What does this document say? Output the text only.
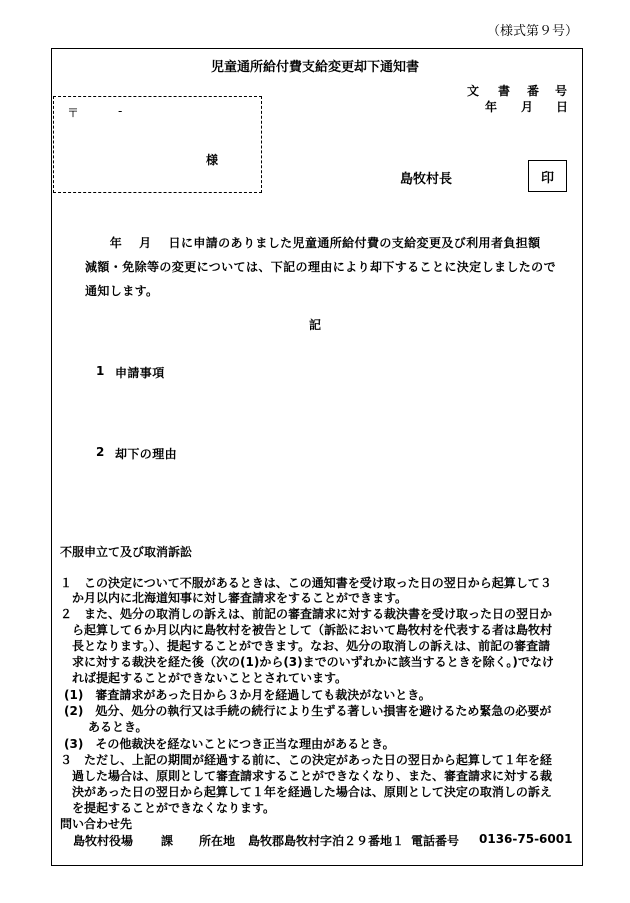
（様式第９号）
児童通所給付費支給変更却下通知書
文 書 番 号
年 月 日
〒	-
様
島牧村長	印
　　年　 月　 日に申請のありました児童通所給付費の支給変更及び利用者負担額
減額・免除等の変更については、下記の理由により却下することに決定しましたので
通知します。
記
1 申請事項
2 却下の理由
不服申立て及び取消訴訟
１　この決定について不服があるときは、この通知書を受け取った日の翌日から起算して３
　か月以内に北海道知事に対し審査請求をすることができます。
２　また、処分の取消しの訴えは、前記の審査請求に対する裁決書を受け取った日の翌日か
　ら起算して６か月以内に島牧村を被告として（訴訟において島牧村を代表する者は島牧村
　長となります。）、提起することができます。なお、処分の取消しの訴えは、前記の審査請
　求に対する裁決を経た後（次の(1)から(3)までのいずれかに該当するときを除く。)でなけ
　れば提起することができないこととされています。
(1)　審査請求があった日から３か月を経過しても裁決がないとき。
(2)　処分、処分の執行又は手続の続行により生ずる著しい損害を避けるため緊急の必要が
　　あるとき。
(3)　その他裁決を経ないことにつき正当な理由があるとき。
３　ただし、上記の期間が経過する前に、この決定があった日の翌日から起算して１年を経
　過した場合は、原則として審査請求することができなくなり、また、審査請求に対する裁
　決があった日の翌日から起算して１年を経過した場合は、原則として決定の取消しの訴え
　を提起することができなくなります。
問い合わせ先
島牧村役場 課 所在地 島牧郡島牧村字泊２９番地１ 電話番号 0136-75-6001
